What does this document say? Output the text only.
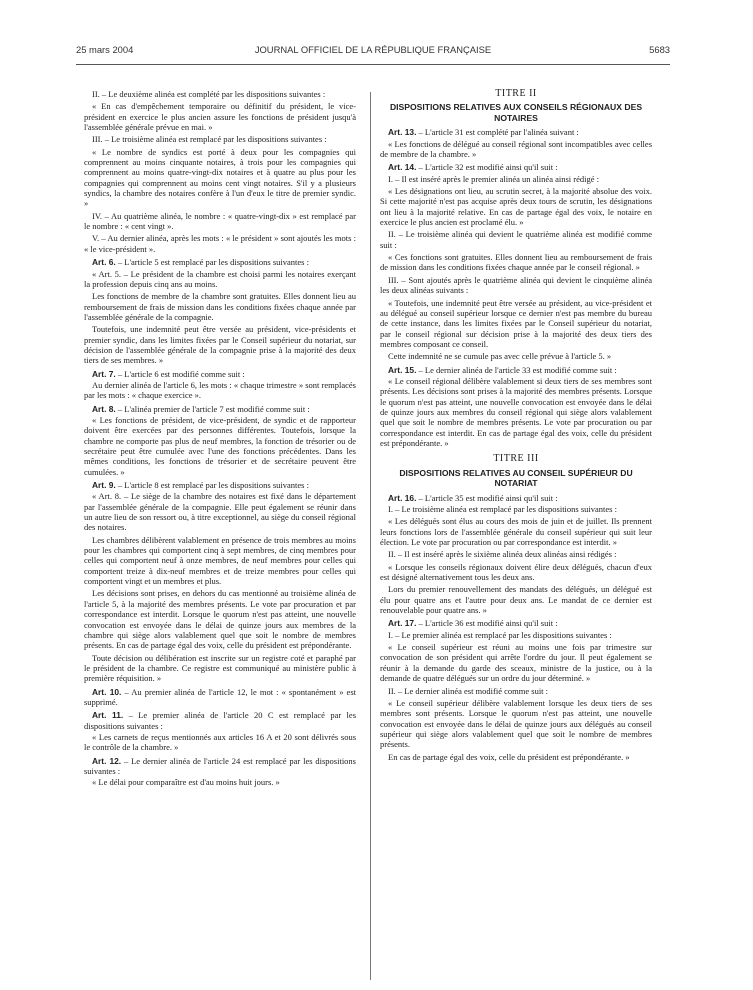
25 mars 2004	JOURNAL OFFICIEL DE LA RÉPUBLIQUE FRANÇAISE	5683

II. – Le deuxième alinéa est complété par les dispositions suivantes :

« En cas d'empêchement temporaire ou définitif du président, le vice-président en exercice le plus ancien assure les fonctions de président jusqu'à l'assemblée générale prévue en mai. »

III. – Le troisième alinéa est remplacé par les dispositions suivantes :

« Le nombre de syndics est porté à deux pour les compagnies qui comprennent au moins cinquante notaires, à trois pour les compagnies qui comprennent au moins quatre-vingt-dix notaires et à quatre au plus pour les compagnies qui comprennent au moins cent vingt notaires. S'il y a plusieurs syndics, la chambre des notaires confère à l'un d'eux le titre de premier syndic. »

IV. – Au quatrième alinéa, le nombre : « quatre-vingt-dix » est remplacé par le nombre : « cent vingt ».

V. – Au dernier alinéa, après les mots : « le président » sont ajoutés les mots : « le vice-président ».

Art. 6. – L'article 5 est remplacé par les dispositions suivantes :

« Art. 5. – Le président de la chambre est choisi parmi les notaires exerçant la profession depuis cinq ans au moins.

Les fonctions de membre de la chambre sont gratuites. Elles donnent lieu au remboursement de frais de mission dans les conditions fixées chaque année par l'assemblée générale de la compagnie.

Toutefois, une indemnité peut être versée au président, vice-présidents et premier syndic, dans les limites fixées par le Conseil supérieur du notariat, sur décision de l'assemblée générale de la compagnie prise à la majorité des deux tiers de ses membres. »

Art. 7. – L'article 6 est modifié comme suit :

Au dernier alinéa de l'article 6, les mots : « chaque trimestre » sont remplacés par les mots : « chaque exercice ».

Art. 8. – L'alinéa premier de l'article 7 est modifié comme suit :

« Les fonctions de président, de vice-président, de syndic et de rapporteur doivent être exercées par des personnes différentes. Toutefois, lorsque la chambre ne comporte pas plus de neuf membres, la fonction de trésorier ou de secrétaire peut être cumulée avec l'une des fonctions précédentes. Dans les mêmes conditions, les fonctions de trésorier et de secrétaire peuvent être cumulées. »

Art. 9. – L'article 8 est remplacé par les dispositions suivantes :

« Art. 8. – Le siège de la chambre des notaires est fixé dans le département par l'assemblée générale de la compagnie. Elle peut également se réunir dans un autre lieu de son ressort ou, à titre exceptionnel, au siège du conseil régional des notaires.

Les chambres délibèrent valablement en présence de trois membres au moins pour les chambres qui comportent cinq à sept membres, de cinq membres pour celles qui comportent neuf à onze membres, de neuf membres pour celles qui comportent treize à dix-neuf membres et de treize membres pour celles qui comportent vingt et un membres et plus.

Les décisions sont prises, en dehors du cas mentionné au troisième alinéa de l'article 5, à la majorité des membres présents. Le vote par procuration et par correspondance est interdit. Lorsque le quorum n'est pas atteint, une nouvelle convocation est envoyée dans le délai de quinze jours aux membres de la chambre qui siège alors valablement quel que soit le nombre de membres présents. En cas de partage égal des voix, celle du président est prépondérante.

Toute décision ou délibération est inscrite sur un registre coté et paraphé par le président de la chambre. Ce registre est communiqué au ministère public à première réquisition. »

Art. 10. – Au premier alinéa de l'article 12, le mot : « spontanément » est supprimé.

Art. 11. – Le premier alinéa de l'article 20 C est remplacé par les dispositions suivantes :

« Les carnets de reçus mentionnés aux articles 16 A et 20 sont délivrés sous le contrôle de la chambre. »

Art. 12. – Le dernier alinéa de l'article 24 est remplacé par les dispositions suivantes :

« Le délai pour comparaître est d'au moins huit jours. »

TITRE II
DISPOSITIONS RELATIVES AUX CONSEILS RÉGIONAUX DES NOTAIRES

Art. 13. – L'article 31 est complété par l'alinéa suivant :

« Les fonctions de délégué au conseil régional sont incompatibles avec celles de membre de la chambre. »

Art. 14. – L'article 32 est modifié ainsi qu'il suit :

I. – Il est inséré après le premier alinéa un alinéa ainsi rédigé :

« Les désignations ont lieu, au scrutin secret, à la majorité absolue des voix. Si cette majorité n'est pas acquise après deux tours de scrutin, les désignations ont lieu à la majorité relative. En cas de partage égal des voix, le notaire en exercice le plus ancien est proclamé élu. »

II. – Le troisième alinéa qui devient le quatrième alinéa est modifié comme suit :

« Ces fonctions sont gratuites. Elles donnent lieu au remboursement de frais de mission dans les conditions fixées chaque année par le conseil régional. »

III. – Sont ajoutés après le quatrième alinéa qui devient le cinquième alinéa les deux alinéas suivants :

« Toutefois, une indemnité peut être versée au président, au vice-président et au délégué au conseil supérieur lorsque ce dernier n'est pas membre du bureau de cette instance, dans les limites fixées par le Conseil supérieur du notariat, par le conseil régional sur décision prise à la majorité des deux tiers des membres composant ce conseil.

Cette indemnité ne se cumule pas avec celle prévue à l'article 5. »

Art. 15. – Le dernier alinéa de l'article 33 est modifié comme suit :

« Le conseil régional délibère valablement si deux tiers de ses membres sont présents. Les décisions sont prises à la majorité des membres présents. Lorsque le quorum n'est pas atteint, une nouvelle convocation est envoyée dans le délai de quinze jours aux membres du conseil régional qui siège alors valablement quel que soit le nombre de membres présents. Le vote par procuration ou par correspondance est interdit. En cas de partage égal des voix, celle du président est prépondérante. »

TITRE III
DISPOSITIONS RELATIVES AU CONSEIL SUPÉRIEUR DU NOTARIAT

Art. 16. – L'article 35 est modifié ainsi qu'il suit :

I. – Le troisième alinéa est remplacé par les dispositions suivantes :

« Les délégués sont élus au cours des mois de juin et de juillet. Ils prennent leurs fonctions lors de l'assemblée générale du conseil supérieur qui suit leur élection. Le vote par procuration ou par correspondance est interdit. »

II. – Il est inséré après le sixième alinéa deux alinéas ainsi rédigés :

« Lorsque les conseils régionaux doivent élire deux délégués, chacun d'eux est désigné alternativement tous les deux ans.

Lors du premier renouvellement des mandats des délégués, un délégué est élu pour quatre ans et l'autre pour deux ans. Le mandat de ce dernier est renouvelable pour quatre ans. »

Art. 17. – L'article 36 est modifié ainsi qu'il suit :

I. – Le premier alinéa est remplacé par les dispositions suivantes :

« Le conseil supérieur est réuni au moins une fois par trimestre sur convocation de son président qui arrête l'ordre du jour. Il peut également se réunir à la demande du garde des sceaux, ministre de la justice, ou à la demande de quatre délégués sur un ordre du jour déterminé. »

II. – Le dernier alinéa est modifié comme suit :

« Le conseil supérieur délibère valablement lorsque les deux tiers de ses membres sont présents. Lorsque le quorum n'est pas atteint, une nouvelle convocation est envoyée dans le délai de quinze jours aux délégués au conseil supérieur qui siège alors valablement quel que soit le nombre de membres présents.

En cas de partage égal des voix, celle du président est prépondérante. »
